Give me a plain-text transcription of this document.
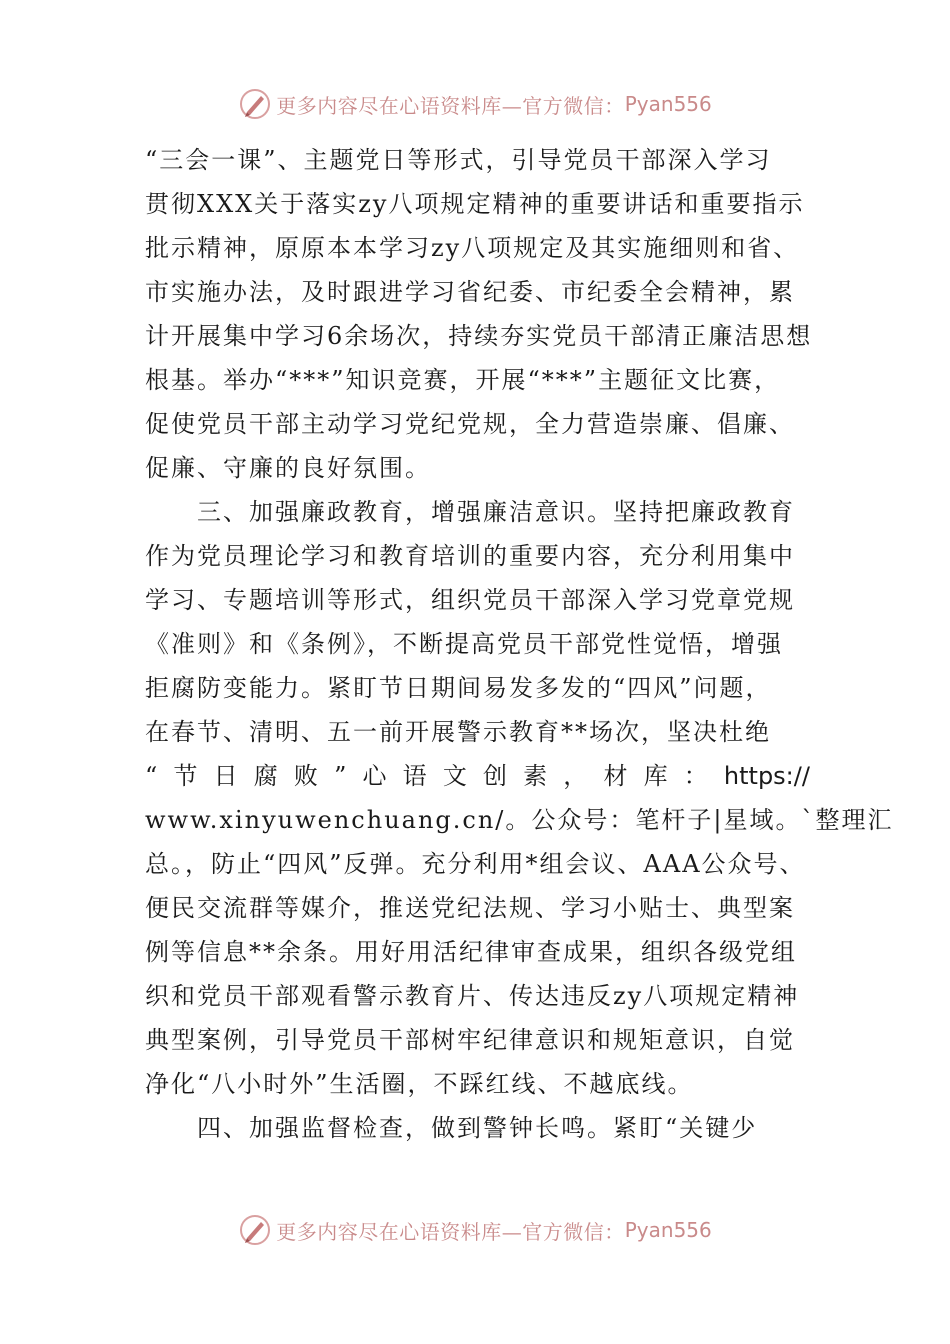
更多内容尽在心语资料库—官方微信： Pyan556
“三会一课”、主题党日等形式，引导党员干部深入学习
贯彻XXX关于落实zy八项规定精神的重要讲话和重要指示
批示精神，原原本本学习zy八项规定及其实施细则和省、
市实施办法，及时跟进学习省纪委、市纪委全会精神，累
计开展集中学习6余场次，持续夯实党员干部清正廉洁思想
根基。举办“***”知识竞赛，开展“***”主题征文比赛，
促使党员干部主动学习党纪党规，全力营造崇廉、倡廉、
促廉、守廉的良好氛围。
　　三、加强廉政教育，增强廉洁意识。坚持把廉政教育
作为党员理论学习和教育培训的重要内容，充分利用集中
学习、专题培训等形式，组织党员干部深入学习党章党规
《准则》和《条例》，不断提高党员干部党性觉悟，增强
拒腐防变能力。紧盯节日期间易发多发的“四风”问题，
在春节、清明、五一前开展警示教育**场次，坚决杜绝
“ 节 日 腐 败 ” 心 语 文 创 素 ， 材 库 ： https://
www.xinyuwenchuang.cn/。公众号：笔杆子|星域。`整理汇
总。，防止“四风”反弹。充分利用*组会议、AAA公众号、
便民交流群等媒介，推送党纪法规、学习小贴士、典型案
例等信息**余条。用好用活纪律审查成果，组织各级党组
织和党员干部观看警示教育片、传达违反zy八项规定精神
典型案例，引导党员干部树牢纪律意识和规矩意识，自觉
净化“八小时外”生活圈，不踩红线、不越底线。
　　四、加强监督检查，做到警钟长鸣。紧盯“关键少
更多内容尽在心语资料库—官方微信： Pyan556
